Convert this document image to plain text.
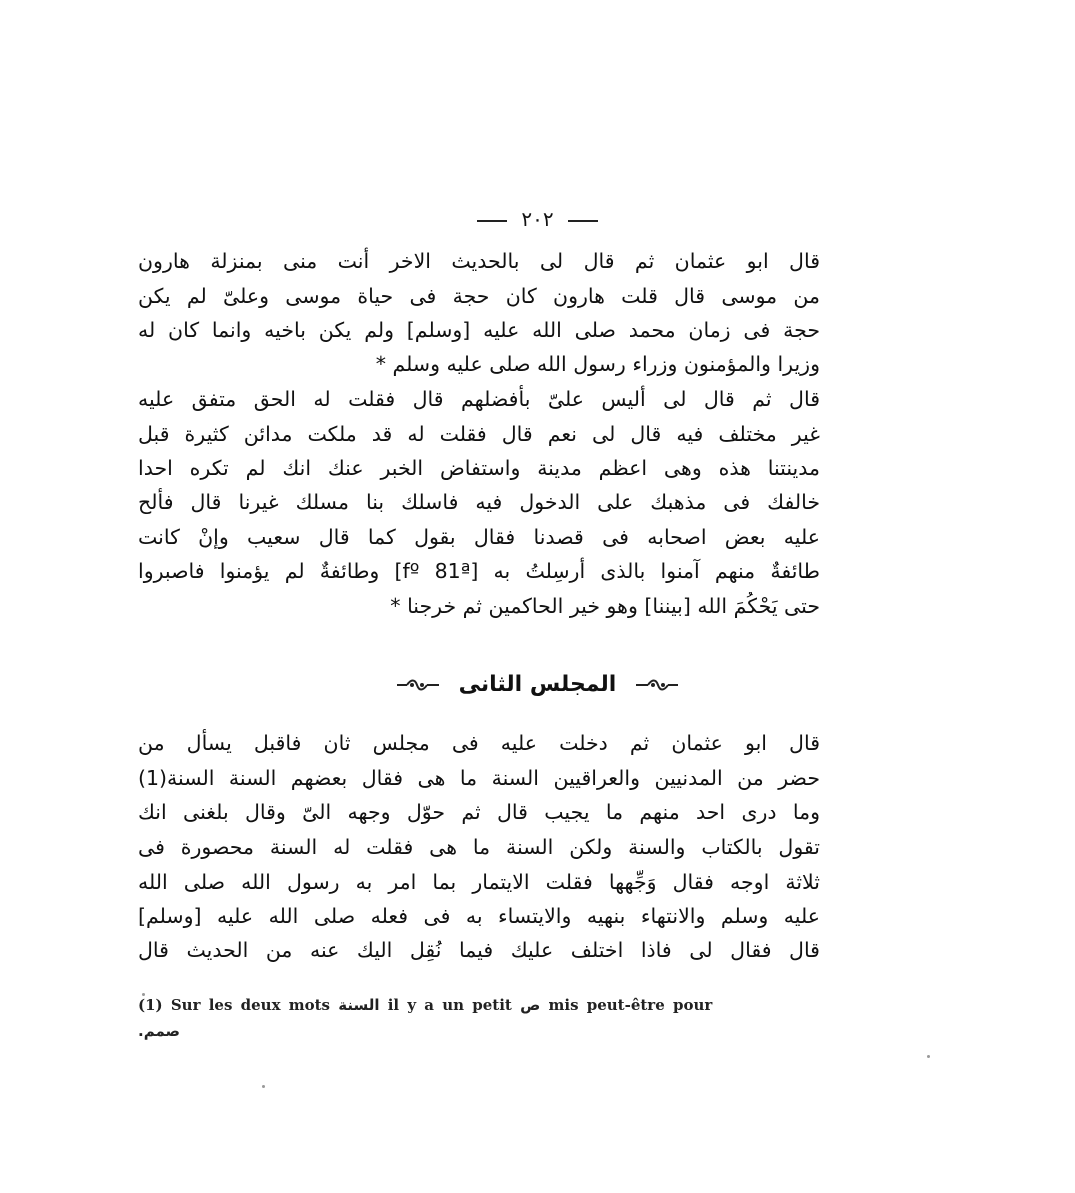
٢٠٢
قال ابو عثمان ثم قال لى بالحديث الاخر أنت منى بمنزلة هارون
من موسى قال قلت هارون كان حجة فى حياة موسى وعلىّ لم يكن
حجة فى زمان محمد صلى الله عليه [وسلم] ولم يكن باخيه وانما كان له
وزيرا والمؤمنون وزراء رسول الله صلى عليه وسلم *
قال ثم قال لى أليس علىّ بأفضلهم قال فقلت له الحق متفق عليه
غير مختلف فيه قال لى نعم قال فقلت له قد ملكت مدائن كثيرة قبل
مدينتنا هذه وهى اعظم مدينة واستفاض الخبر عنك انك لم تكره احدا
خالفك فى مذهبك على الدخول فيه فاسلك بنا مسلك غيرنا قال فألح
عليه بعض اصحابه فى قصدنا فقال بقول كما قال سعيب وإنْ كانت
طائفةٌ منهم آمنوا بالذى أرسِلتُ به [fº 81ª] وطائفةٌ لم يؤمنوا فاصبروا
حتى يَحْكُمَ الله [بيننا] وهو خير الحاكمين ثم خرجنا *
المجلس الثانى
قال ابو عثمان ثم دخلت عليه فى مجلس ثان فاقبل يسأل من
حضر من المدنيين والعراقيين السنة ما هى فقال بعضهم السنة السنة(1)
وما درى احد منهم ما يجيب قال ثم حوّل وجهه الىّ وقال بلغنى انك
تقول بالكتاب والسنة ولكن السنة ما هى فقلت له السنة محصورة فى
ثلاثة اوجه فقال وَجِّهها فقلت الايتمار بما امر به رسول الله صلى الله
عليه وسلم والانتهاء بنهيه والايتساء به فى فعله صلى الله عليه [وسلم]
قال فقال لى فاذا اختلف عليك فيما نُقِل اليك عنه من الحديث قال
(1) Sur les deux mots السنة il y a un petit ص mis peut-être pour
صمم.
